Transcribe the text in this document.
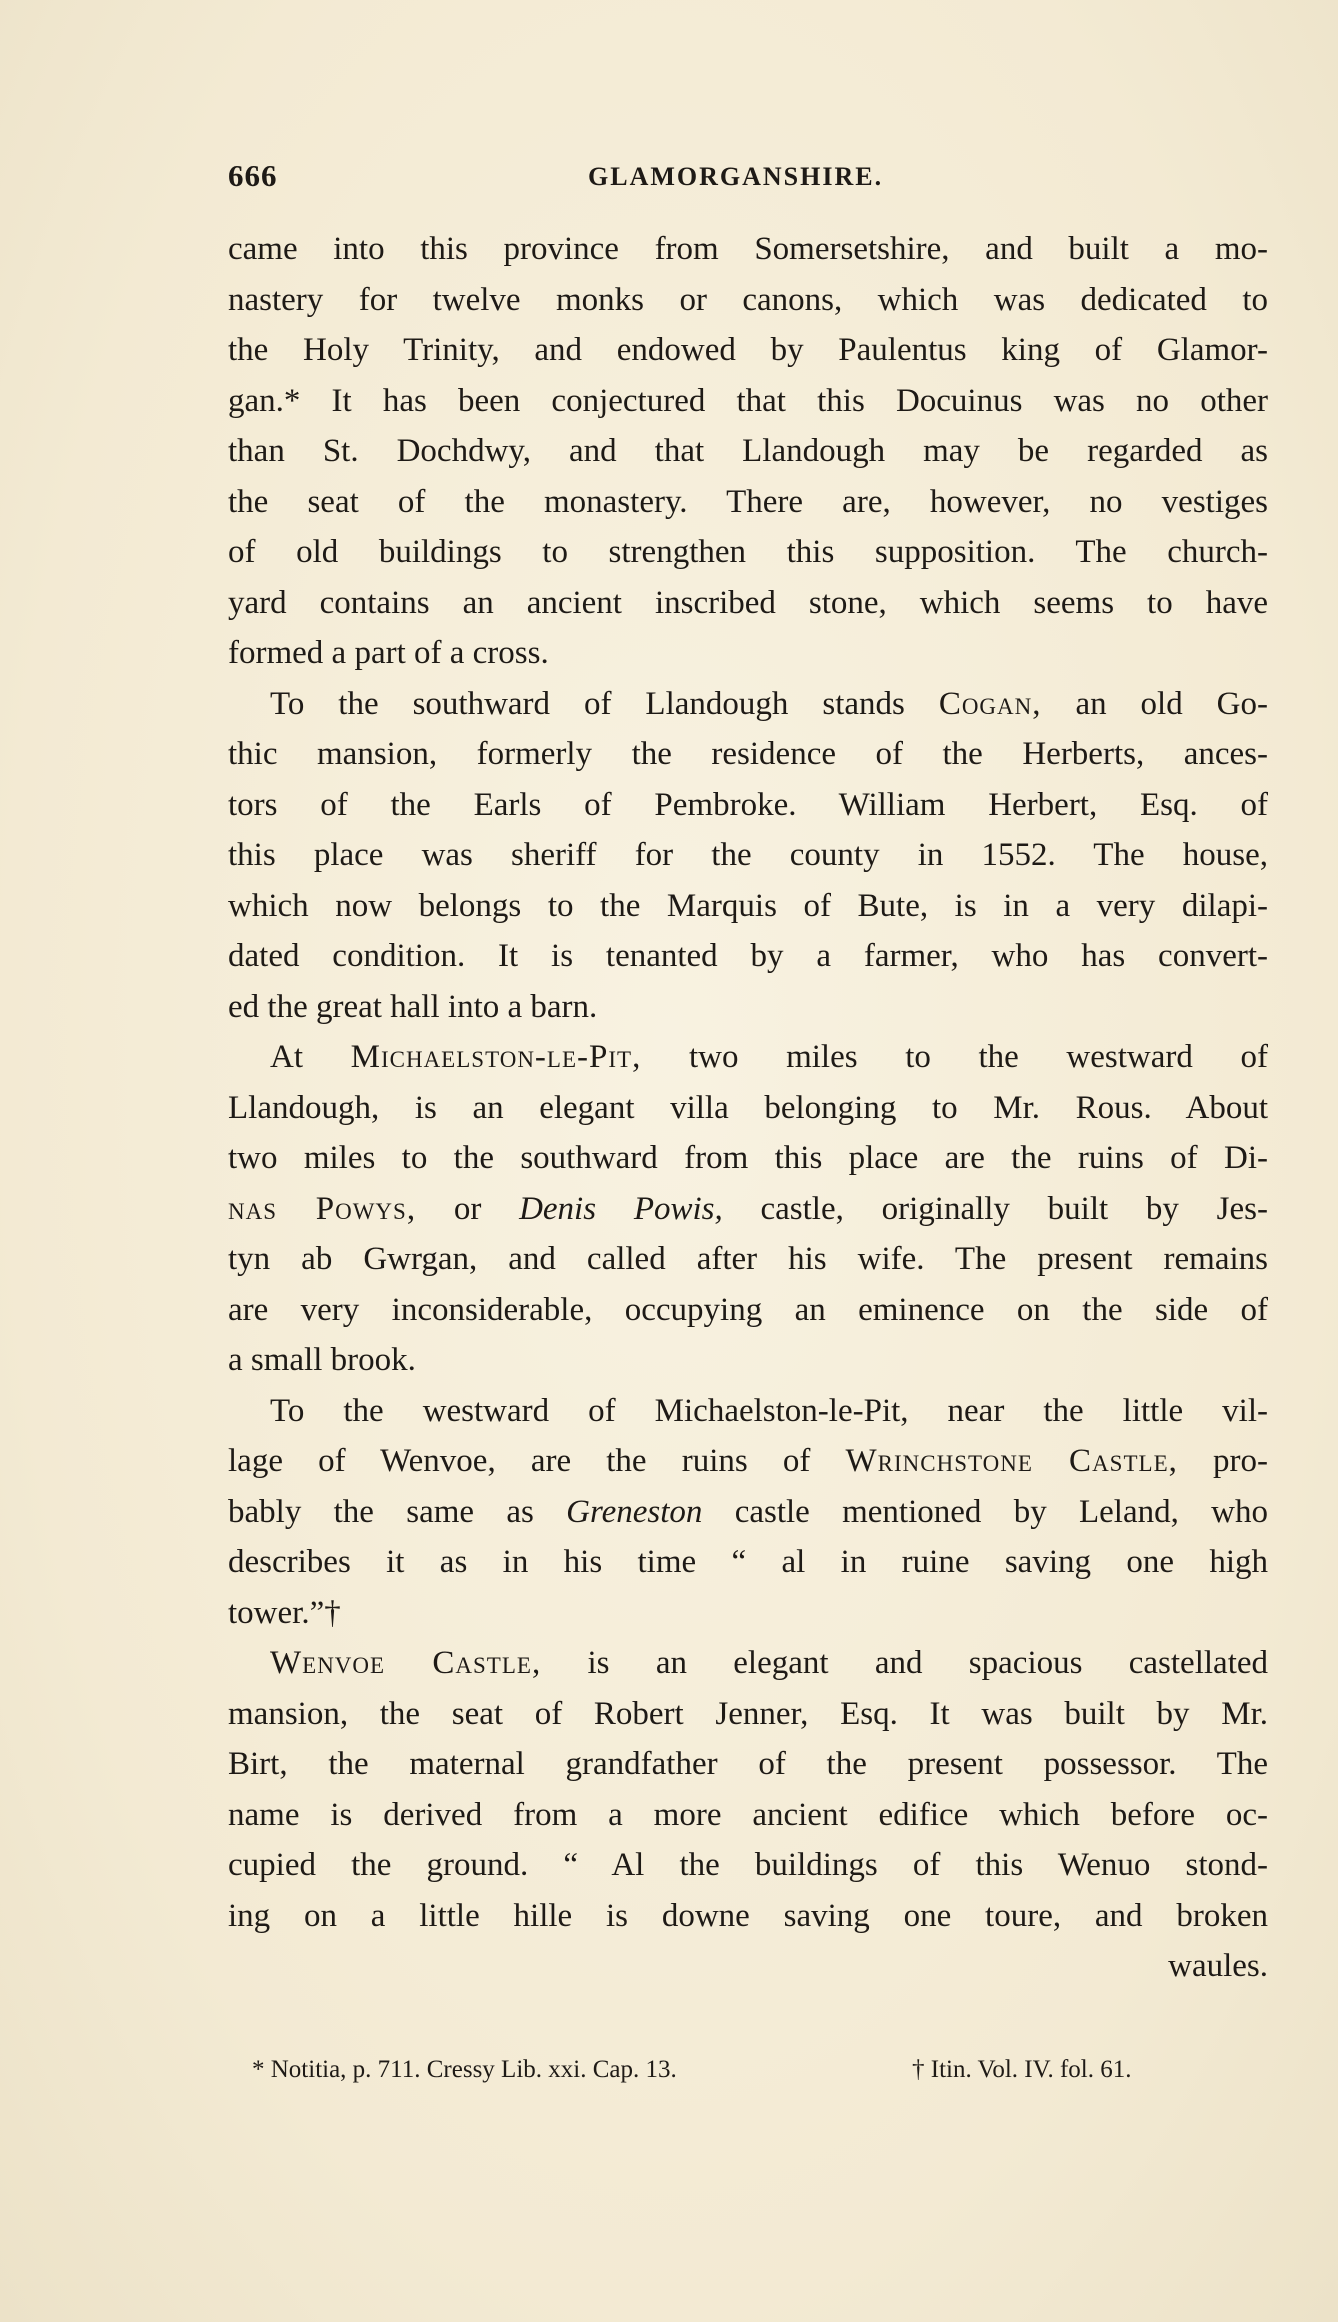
666	GLAMORGANSHIRE.
came into this province from Somersetshire, and built a mo-
nastery for twelve monks or canons, which was dedicated to
the Holy Trinity, and endowed by Paulentus king of Glamor-
gan.* It has been conjectured that this Docuinus was no other
than St. Dochdwy, and that Llandough may be regarded as
the seat of the monastery. There are, however, no vestiges
of old buildings to strengthen this supposition. The church-
yard contains an ancient inscribed stone, which seems to have
formed a part of a cross.
To the southward of Llandough stands Cogan, an old Go-
thic mansion, formerly the residence of the Herberts, ances-
tors of the Earls of Pembroke. William Herbert, Esq. of
this place was sheriff for the county in 1552. The house,
which now belongs to the Marquis of Bute, is in a very dilapi-
dated condition. It is tenanted by a farmer, who has convert-
ed the great hall into a barn.
At Michaelston-le-Pit, two miles to the westward of
Llandough, is an elegant villa belonging to Mr. Rous. About
two miles to the southward from this place are the ruins of Di-
nas Powys, or Denis Powis, castle, originally built by Jes-
tyn ab Gwrgan, and called after his wife. The present remains
are very inconsiderable, occupying an eminence on the side of
a small brook.
To the westward of Michaelston-le-Pit, near the little vil-
lage of Wenvoe, are the ruins of Wrinchstone Castle, pro-
bably the same as Greneston castle mentioned by Leland, who
describes it as in his time “ al in ruine saving one high
tower.”†
Wenvoe Castle, is an elegant and spacious castellated
mansion, the seat of Robert Jenner, Esq. It was built by Mr.
Birt, the maternal grandfather of the present possessor. The
name is derived from a more ancient edifice which before oc-
cupied the ground. “ Al the buildings of this Wenuo stond-
ing on a little hille is downe saving one toure, and broken
waules.
* Notitia, p. 711. Cressy Lib. xxi. Cap. 13.	† Itin. Vol. IV. fol. 61.
